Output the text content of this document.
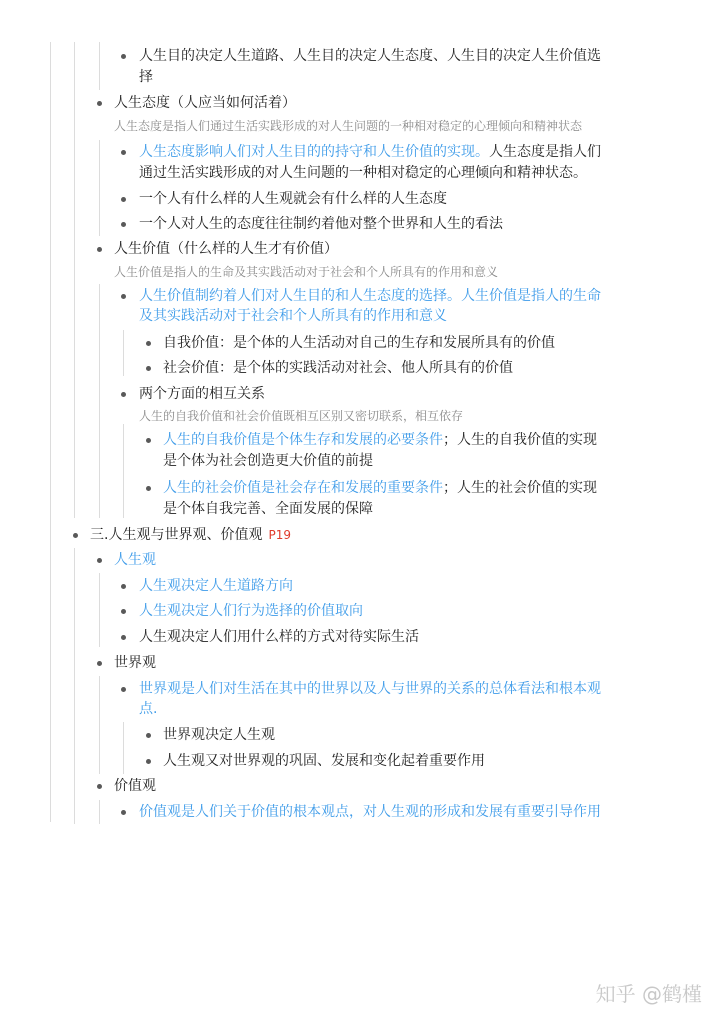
人生目的决定人生道路、人生目的决定人生态度、人生目的决定人生价值选
择
人生态度（人应当如何活着）
人生态度是指人们通过生活实践形成的对人生问题的一种相对稳定的心理倾向和精神状态
人生态度影响人们对人生目的的持守和人生价值的实现。人生态度是指人们
通过生活实践形成的对人生问题的一种相对稳定的心理倾向和精神状态。
一个人有什么样的人生观就会有什么样的人生态度
一个人对人生的态度往往制约着他对整个世界和人生的看法
人生价值（什么样的人生才有价值）
人生价值是指人的生命及其实践活动对于社会和个人所具有的作用和意义
人生价值制约着人们对人生目的和人生态度的选择。人生价值是指人的生命
及其实践活动对于社会和个人所具有的作用和意义
自我价值：是个体的人生活动对自己的生存和发展所具有的价值
社会价值：是个体的实践活动对社会、他人所具有的价值
两个方面的相互关系
人生的自我价值和社会价值既相互区别又密切联系，相互依存
人生的自我价值是个体生存和发展的必要条件；人生的自我价值的实现
是个体为社会创造更大价值的前提
人生的社会价值是社会存在和发展的重要条件；人生的社会价值的实现
是个体自我完善、全面发展的保障
三.人生观与世界观、价值观 P19
人生观
人生观决定人生道路方向
人生观决定人们行为选择的价值取向
人生观决定人们用什么样的方式对待实际生活
世界观
世界观是人们对生活在其中的世界以及人与世界的关系的总体看法和根本观
点.
世界观决定人生观
人生观又对世界观的巩固、发展和变化起着重要作用
价值观
价值观是人们关于价值的根本观点，对人生观的形成和发展有重要引导作用
知乎 @鹤槿
